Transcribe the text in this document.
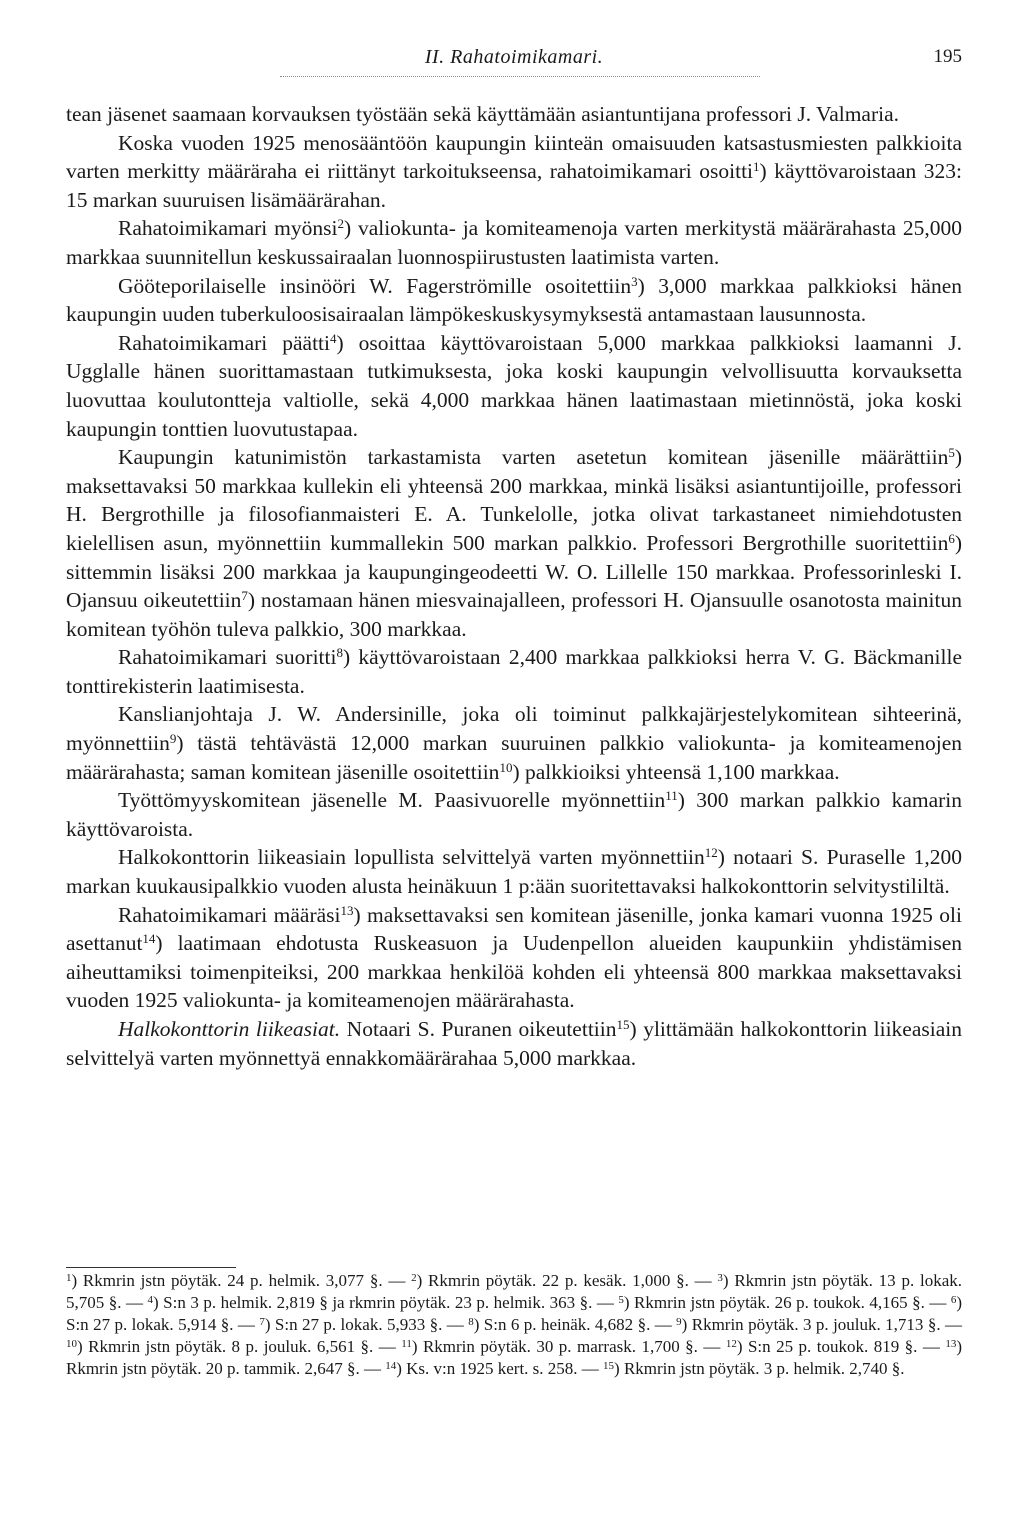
II. Rahatoimikamari.	195

tean jäsenet saamaan korvauksen työstään sekä käyttämään asiantuntijana professori J. Valmaria.

Koska vuoden 1925 menosääntöön kaupungin kiinteän omaisuuden katsastusmiesten palkkioita varten merkitty määräraha ei riittänyt tarkoitukseensa, rahatoimikamari osoitti$^1$) käyttövaroistaan 323: 15 markan suuruisen lisämäärärahan.

Rahatoimikamari myönsi$^2$) valiokunta- ja komiteamenoja varten merkitystä määrärahasta 25,000 markkaa suunnitellun keskussairaalan luonnospiirustusten laatimista varten.

Gööteporilaiselle insinööri W. Fagerströmille osoitettiin$^3$) 3,000 markkaa palkkioksi hänen kaupungin uuden tuberkuloosisairaalan lämpökeskuskysymyksestä antamastaan lausunnosta.

Rahatoimikamari päätti$^4$) osoittaa käyttövaroistaan 5,000 markkaa palkkioksi laamanni J. Ugglalle hänen suorittamastaan tutkimuksesta, joka koski kaupungin velvollisuutta korvauksetta luovuttaa koulutontteja valtiolle, sekä 4,000 markkaa hänen laatimastaan mietinnöstä, joka koski kaupungin tonttien luovutustapaa.

Kaupungin katunimistön tarkastamista varten asetetun komitean jäsenille määrättiin$^5$) maksettavaksi 50 markkaa kullekin eli yhteensä 200 markkaa, minkä lisäksi asiantuntijoille, professori H. Bergrothille ja filosofianmaisteri E. A. Tunkelolle, jotka olivat tarkastaneet nimiehdotusten kielellisen asun, myönnettiin kummallekin 500 markan palkkio. Professori Bergrothille suoritettiin$^6$) sittemmin lisäksi 200 markkaa ja kaupungingeodeetti W. O. Lillelle 150 markkaa. Professorinleski I. Ojansuu oikeutettiin$^7$) nostamaan hänen miesvainajalleen, professori H. Ojansuulle osanotosta mainitun komitean työhön tuleva palkkio, 300 markkaa.

Rahatoimikamari suoritti$^8$) käyttövaroistaan 2,400 markkaa palkkioksi herra V. G. Bäckmanille tonttirekisterin laatimisesta.

Kanslianjohtaja J. W. Andersinille, joka oli toiminut palkkajärjestelykomitean sihteerinä, myönnettiin$^9$) tästä tehtävästä 12,000 markan suuruinen palkkio valiokunta- ja komiteamenojen määrärahasta; saman komitean jäsenille osoitettiin$^{10}$) palkkioiksi yhteensä 1,100 markkaa.

Työttömyyskomitean jäsenelle M. Paasivuorelle myönnettiin$^{11}$) 300 markan palkkio kamarin käyttövaroista.

Halkokonttorin liikeasiain lopullista selvittelyä varten myönnettiin$^{12}$) notaari S. Puraselle 1,200 markan kuukausipalkkio vuoden alusta heinäkuun 1 p:ään suoritettavaksi halkokonttorin selvitystililtä.

Rahatoimikamari määräsi$^{13}$) maksettavaksi sen komitean jäsenille, jonka kamari vuonna 1925 oli asettanut$^{14}$) laatimaan ehdotusta Ruskeasuon ja Uudenpellon alueiden kaupunkiin yhdistämisen aiheuttamiksi toimenpiteiksi, 200 markkaa henkilöä kohden eli yhteensä 800 markkaa maksettavaksi vuoden 1925 valiokunta- ja komiteamenojen määrärahasta.

Halkokonttorin liikeasiat. Notaari S. Puranen oikeutettiin$^{15}$) ylittämään halkokonttorin liikeasiain selvittelyä varten myönnettyä ennakkomäärärahaa 5,000 markkaa.

$^1$) Rkmrin jstn pöytäk. 24 p. helmik. 3,077 §. — $^2$) Rkmrin pöytäk. 22 p. kesäk. 1,000 §. — $^3$) Rkmrin jstn pöytäk. 13 p. lokak. 5,705 §. — $^4$) S:n 3 p. helmik. 2,819 § ja rkmrin pöytäk. 23 p. helmik. 363 §. — $^5$) Rkmrin jstn pöytäk. 26 p. toukok. 4,165 §. — $^6$) S:n 27 p. lokak. 5,914 §. — $^7$) S:n 27 p. lokak. 5,933 §. — $^8$) S:n 6 p. heinäk. 4,682 §. — $^9$) Rkmrin pöytäk. 3 p. jouluk. 1,713 §. — $^{10}$) Rkmrin jstn pöytäk. 8 p. jouluk. 6,561 §. — $^{11}$) Rkmrin pöytäk. 30 p. marrask. 1,700 §. — $^{12}$) S:n 25 p. toukok. 819 §. — $^{13}$) Rkmrin jstn pöytäk. 20 p. tammik. 2,647 §. — $^{14}$) Ks. v:n 1925 kert. s. 258. — $^{15}$) Rkmrin jstn pöytäk. 3 p. helmik. 2,740 §.
